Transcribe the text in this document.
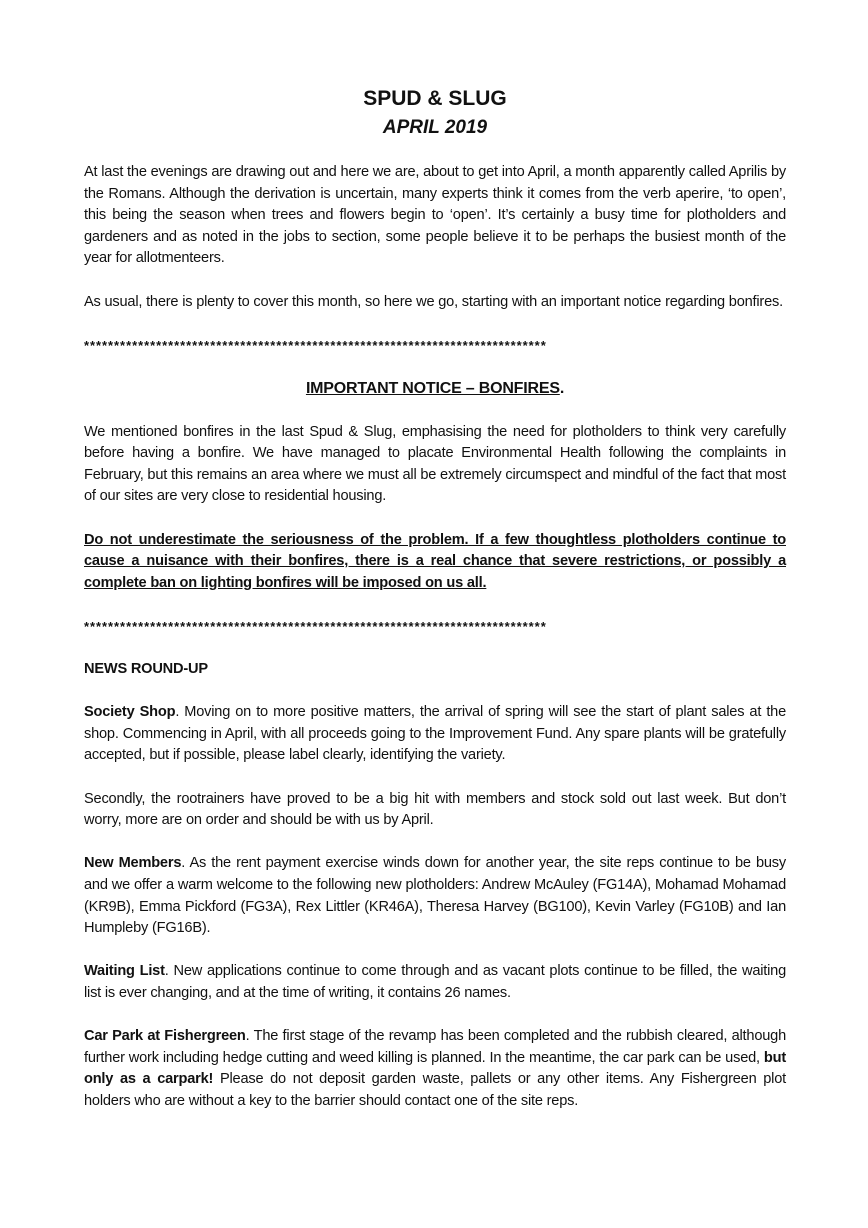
SPUD & SLUG
APRIL 2019

At last the evenings are drawing out and here we are, about to get into April, a month apparently called Aprilis by the Romans. Although the derivation is uncertain, many experts think it comes from the verb aperire, ‘to open’, this being the season when trees and flowers begin to ‘open’. It’s certainly a busy time for plotholders and gardeners and as noted in the jobs to section, some people believe it to be perhaps the busiest month of the year for allotmenteers.

As usual, there is plenty to cover this month, so here we go, starting with an important notice regarding bonfires.

*****************************************************************************
IMPORTANT NOTICE – BONFIRES.

We mentioned bonfires in the last Spud & Slug, emphasising the need for plotholders to think very carefully before having a bonfire. We have managed to placate Environmental Health following the complaints in February, but this remains an area where we must all be extremely circumspect and mindful of the fact that most of our sites are very close to residential housing.

Do not underestimate the seriousness of the problem. If a few thoughtless plotholders continue to cause a nuisance with their bonfires, there is a real chance that severe restrictions, or possibly a complete ban on lighting bonfires will be imposed on us all.

*****************************************************************************
NEWS ROUND-UP

Society Shop. Moving on to more positive matters, the arrival of spring will see the start of plant sales at the shop. Commencing in April, with all proceeds going to the Improvement Fund. Any spare plants will be gratefully accepted, but if possible, please label clearly, identifying the variety.

Secondly, the rootrainers have proved to be a big hit with members and stock sold out last week. But don’t worry, more are on order and should be with us by April.

New Members. As the rent payment exercise winds down for another year, the site reps continue to be busy and we offer a warm welcome to the following new plotholders: Andrew McAuley (FG14A), Mohamad Mohamad (KR9B), Emma Pickford (FG3A), Rex Littler (KR46A), Theresa Harvey (BG100), Kevin Varley (FG10B) and Ian Humpleby (FG16B).

Waiting List. New applications continue to come through and as vacant plots continue to be filled, the waiting list is ever changing, and at the time of writing, it contains 26 names.

Car Park at Fishergreen. The first stage of the revamp has been completed and the rubbish cleared, although further work including hedge cutting and weed killing is planned. In the meantime, the car park can be used, but only as a carpark! Please do not deposit garden waste, pallets or any other items. Any Fishergreen plot holders who are without a key to the barrier should contact one of the site reps.
